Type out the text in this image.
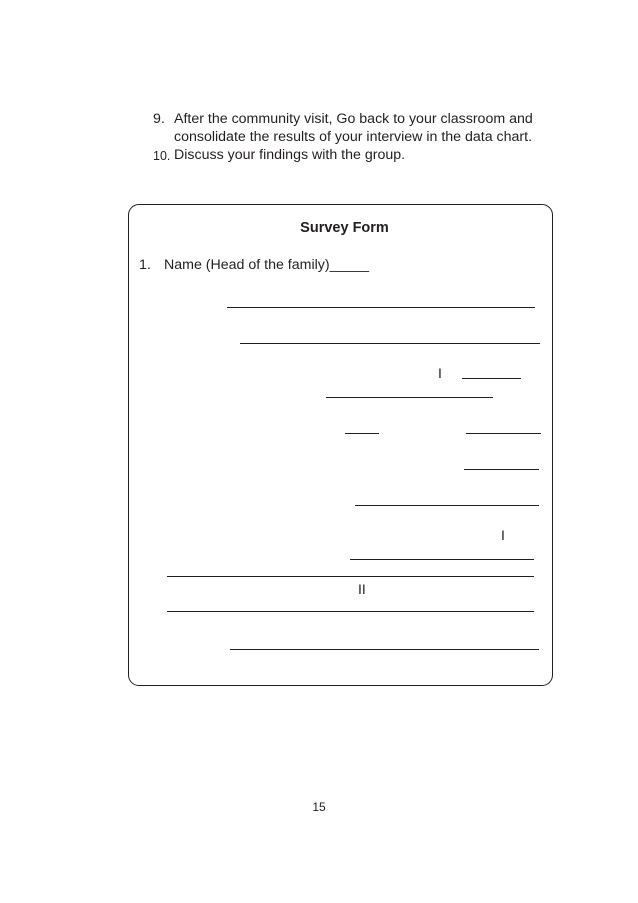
9. After the community visit, Go back to your classroom and
consolidate the results of your interview in the data chart.
10. Discuss your findings with the group.
Survey Form
1. Name (Head of the family)_____
I
I
II
15
